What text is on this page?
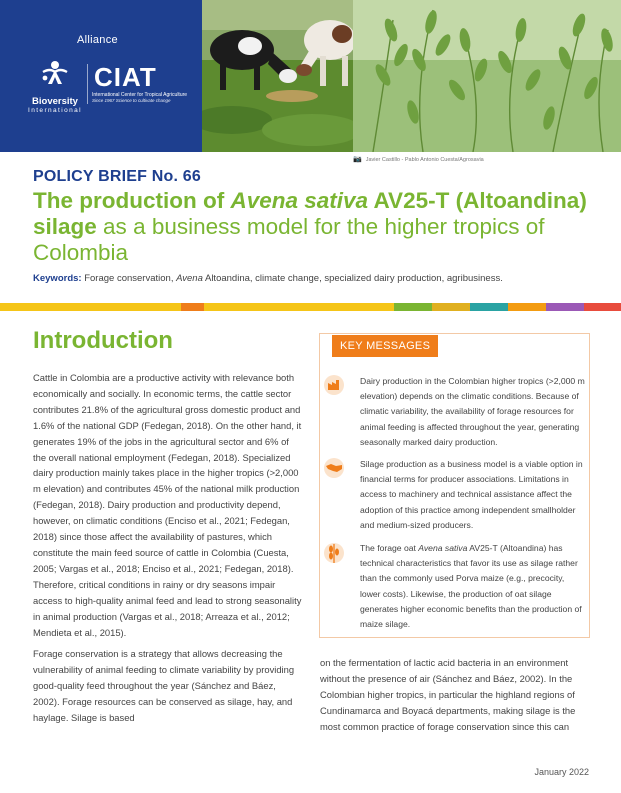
Alliance
Bioversity
International
CIAT
International Center for Tropical Agriculture
Since 1967 Science to cultivate change
📷 Javier Castillo - Pablo Antonio Cuesta/Agrosavia
POLICY BRIEF No. 66
The production of Avena sativa AV25-T (Altoandina) silage as a business model for the higher tropics of Colombia
Keywords: Forage conservation, Avena Altoandina, climate change, specialized dairy production, agribusiness.
Introduction

Cattle in Colombia are a productive activity with relevance both economically and socially. In economic terms, the cattle sector contributes 21.8% of the agricultural gross domestic product and 1.6% of the national GDP (Fedegan, 2018). On the other hand, it generates 19% of the jobs in the agricultural sector and 6% of the overall national employment (Fedegan, 2018). Specialized dairy production mainly takes place in the higher tropics (>2,000 m elevation) and contributes 45% of the national milk production (Fedegan, 2018). Dairy production and productivity depend, however, on climatic conditions (Enciso et al., 2021; Fedegan, 2018) since those affect the availability of pastures, which constitute the main feed source of cattle in Colombia (Cuesta, 2005; Vargas et al., 2018; Enciso et al., 2021; Fedegan, 2018). Therefore, critical conditions in rainy or dry seasons impair access to high-quality animal feed and lead to strong seasonality in animal production (Vargas et al., 2018; Arreaza et al., 2012; Mendieta et al., 2015).

Forage conservation is a strategy that allows decreasing the vulnerability of animal feeding to climate variability by providing good-quality feed throughout the year (Sánchez and Báez, 2002). Forage resources can be conserved as silage, hay, and haylage. Silage is based

on the fermentation of lactic acid bacteria in an environment without the presence of air (Sánchez and Báez, 2002). In the Colombian higher tropics, in particular the highland regions of Cundinamarca and Boyacá departments, making silage is the most common practice of forage conservation since this can

KEY MESSAGES
Dairy production in the Colombian higher tropics (>2,000 m elevation) depends on the climatic conditions. Because of climatic variability, the availability of forage resources for animal feeding is affected throughout the year, generating seasonally marked dairy production.
Silage production as a business model is a viable option in financial terms for producer associations. Limitations in access to machinery and technical assistance affect the adoption of this practice among independent smallholder and medium-sized producers.
The forage oat Avena sativa AV25-T (Altoandina) has technical characteristics that favor its use as silage rather than the commonly used Porva maize (e.g., precocity, lower costs). Likewise, the production of oat silage generates higher economic benefits than the production of maize silage.
January 2022
